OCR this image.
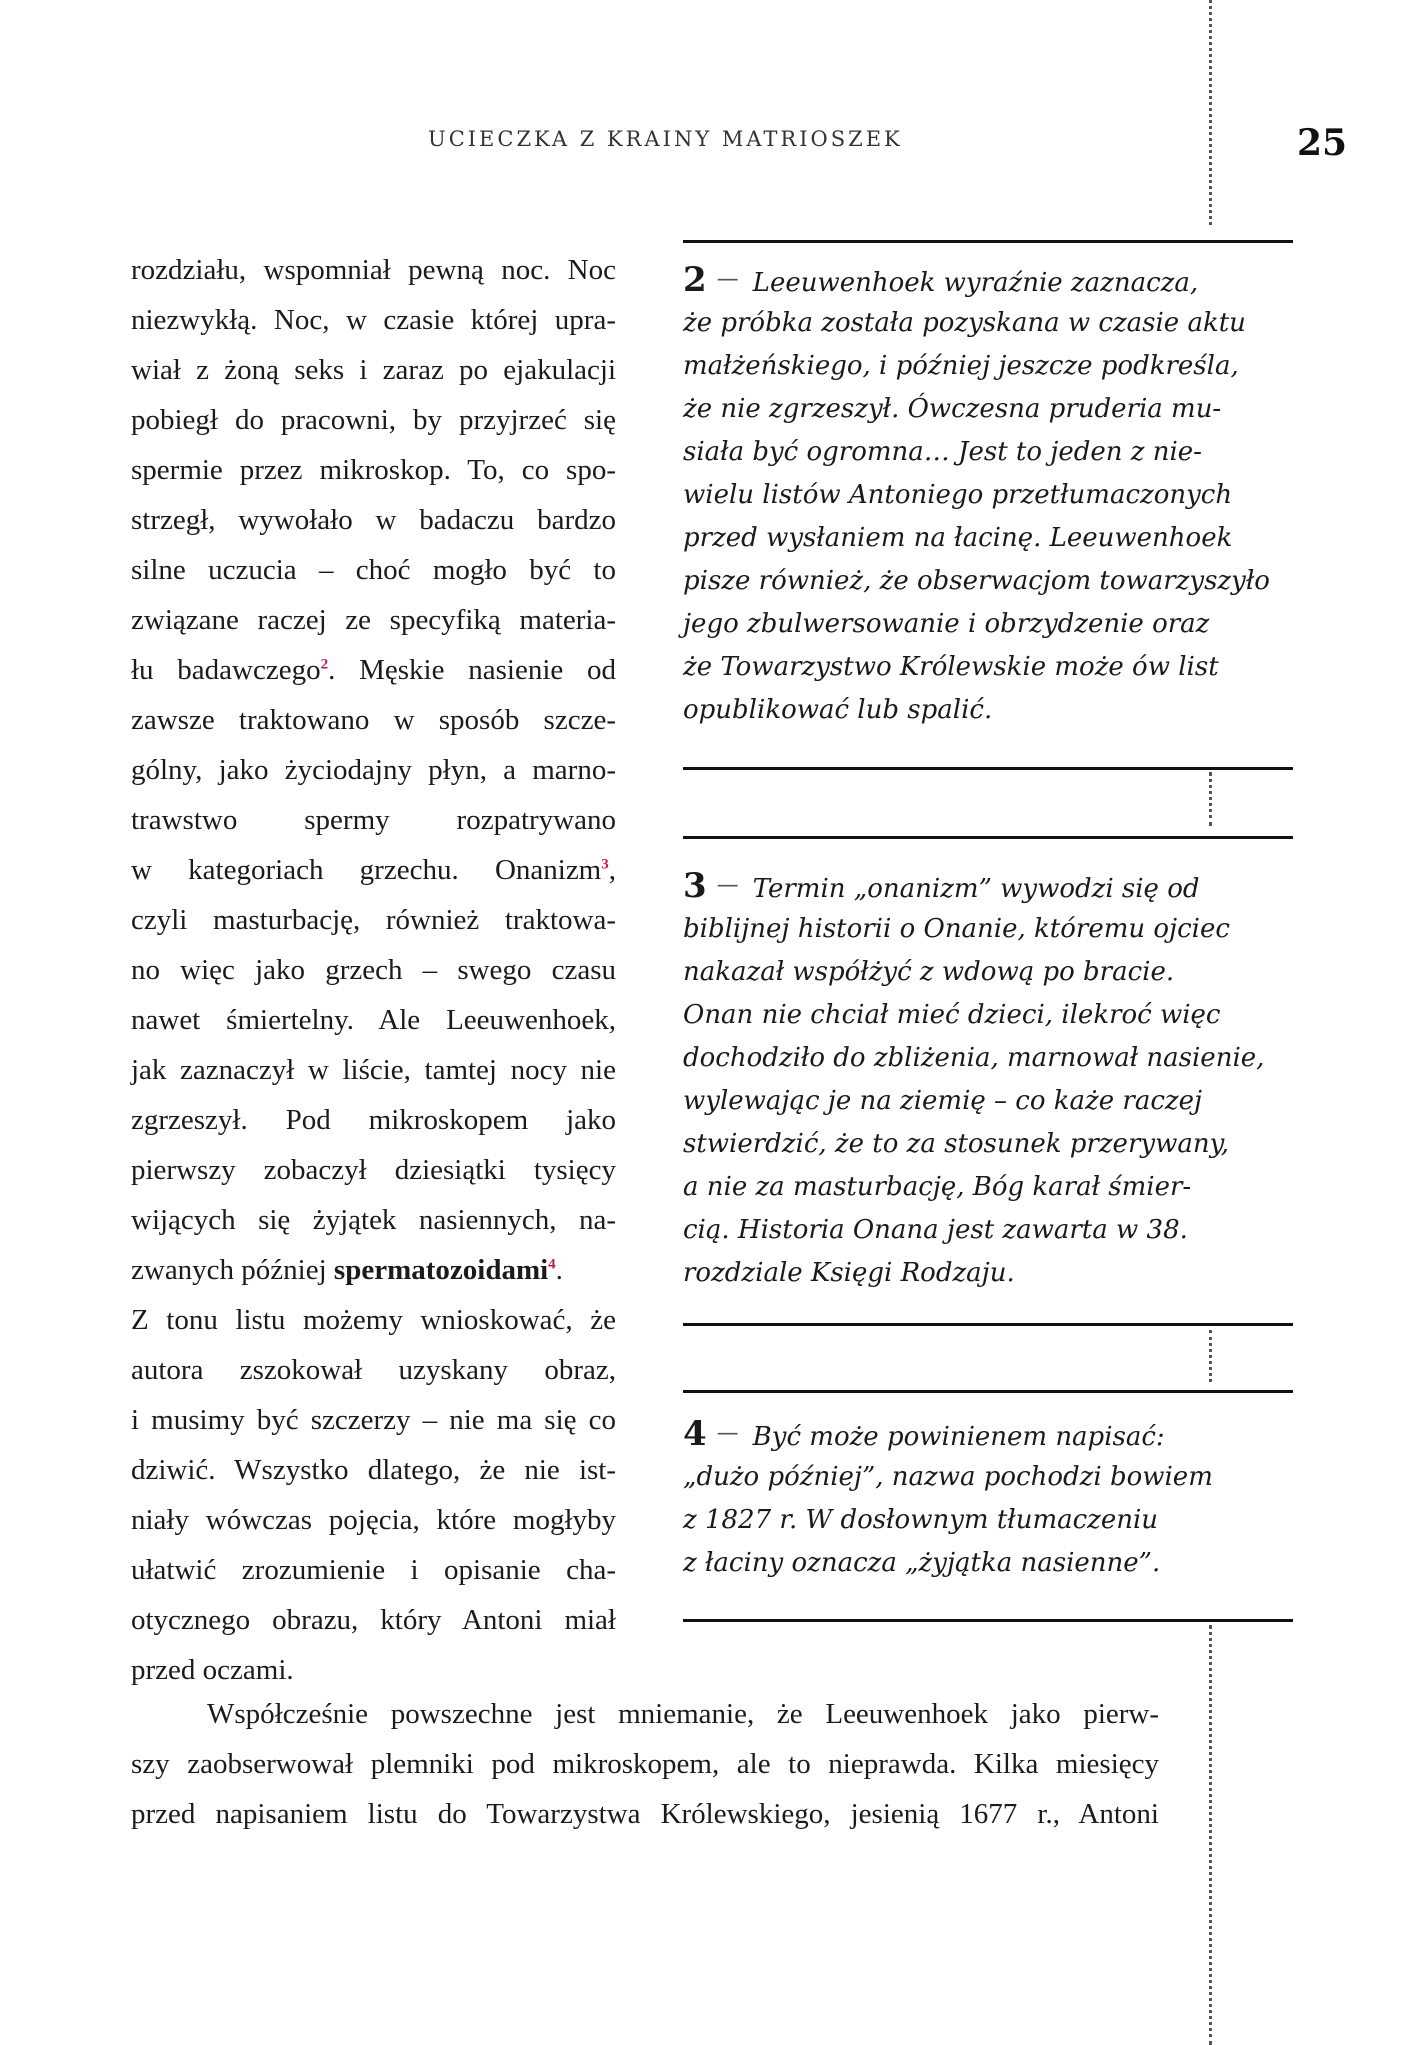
UCIECZKA Z KRAINY MATRIOSZEK	25
rozdziału, wspomniał pewną noc. Noc
niezwykłą. Noc, w czasie której upra-
wiał z żoną seks i zaraz po ejakulacji
pobiegł do pracowni, by przyjrzeć się
spermie przez mikroskop. To, co spo-
strzegł, wywołało w badaczu bardzo
silne uczucia – choć mogło być to
związane raczej ze specyfiką materia-
łu badawczego$^2$. Męskie nasienie od
zawsze traktowano w sposób szcze-
gólny, jako życiodajny płyn, a marno-
trawstwo spermy rozpatrywano
w kategoriach grzechu. Onanizm$^3$,
czyli masturbację, również traktowa-
no więc jako grzech – swego czasu
nawet śmiertelny. Ale Leeuwenhoek,
jak zaznaczył w liście, tamtej nocy nie
zgrzeszył. Pod mikroskopem jako
pierwszy zobaczył dziesiątki tysięcy
wijących się żyjątek nasiennych, na-
zwanych później spermatozoidami$^4$.
Z tonu listu możemy wnioskować, że
autora zszokował uzyskany obraz,
i musimy być szczerzy – nie ma się co
dziwić. Wszystko dlatego, że nie ist-
niały wówczas pojęcia, które mogłyby
ułatwić zrozumienie i opisanie cha-
otycznego obrazu, który Antoni miał
przed oczami.
2 — Leeuwenhoek wyraźnie zaznacza,
że próbka została pozyskana w czasie aktu
małżeńskiego, i później jeszcze podkreśla,
że nie zgrzeszył. Ówczesna pruderia mu-
siała być ogromna… Jest to jeden z nie-
wielu listów Antoniego przetłumaczonych
przed wysłaniem na łacinę. Leeuwenhoek
pisze również, że obserwacjom towarzyszyło
jego zbulwersowanie i obrzydzenie oraz
że Towarzystwo Królewskie może ów list
opublikować lub spalić.
3 — Termin „onanizm” wywodzi się od
biblijnej historii o Onanie, któremu ojciec
nakazał współżyć z wdową po bracie.
Onan nie chciał mieć dzieci, ilekroć więc
dochodziło do zbliżenia, marnował nasienie,
wylewając je na ziemię – co każe raczej
stwierdzić, że to za stosunek przerywany,
a nie za masturbację, Bóg karał śmier-
cią. Historia Onana jest zawarta w 38.
rozdziale Księgi Rodzaju.
4 — Być może powinienem napisać:
„dużo później”, nazwa pochodzi bowiem
z 1827 r. W dosłownym tłumaczeniu
z łaciny oznacza „żyjątka nasienne”.
Współcześnie powszechne jest mniemanie, że Leeuwenhoek jako pierw-
szy zaobserwował plemniki pod mikroskopem, ale to nieprawda. Kilka miesięcy
przed napisaniem listu do Towarzystwa Królewskiego, jesienią 1677 r., Antoni
